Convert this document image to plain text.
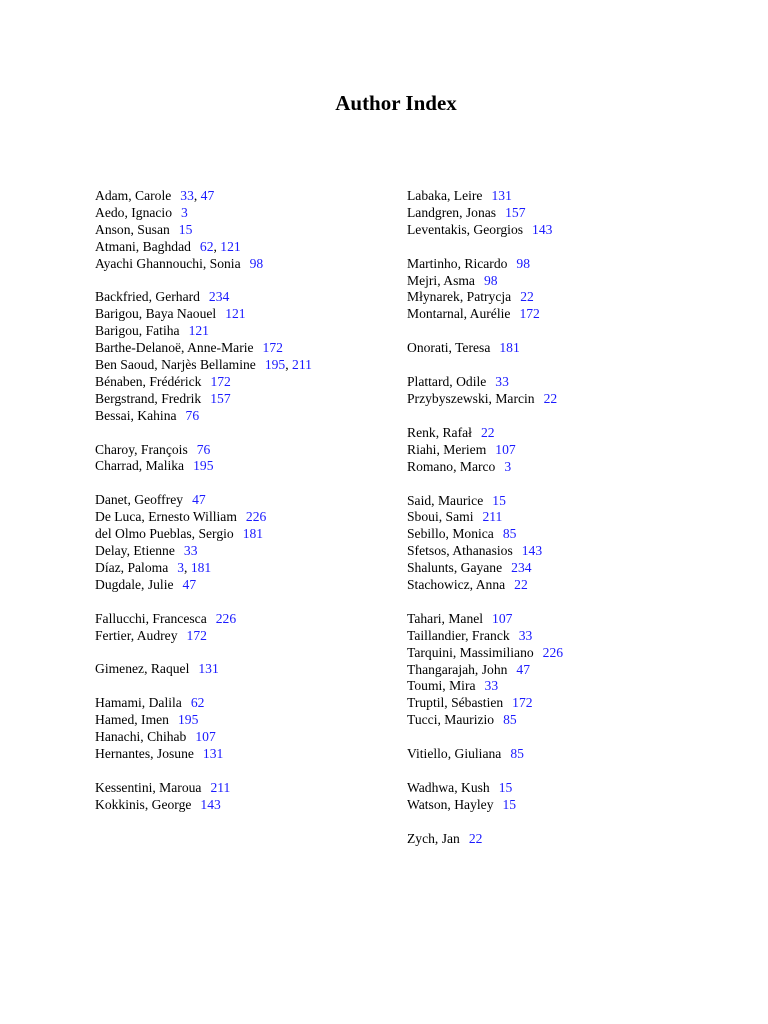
Author Index
Adam, Carole 33, 47
Aedo, Ignacio 3
Anson, Susan 15
Atmani, Baghdad 62, 121
Ayachi Ghannouchi, Sonia 98
Backfried, Gerhard 234
Barigou, Baya Naouel 121
Barigou, Fatiha 121
Barthe-Delanoë, Anne-Marie 172
Ben Saoud, Narjès Bellamine 195, 211
Bénaben, Frédérick 172
Bergstrand, Fredrik 157
Bessai, Kahina 76
Charoy, François 76
Charrad, Malika 195
Danet, Geoffrey 47
De Luca, Ernesto William 226
del Olmo Pueblas, Sergio 181
Delay, Etienne 33
Díaz, Paloma 3, 181
Dugdale, Julie 47
Fallucchi, Francesca 226
Fertier, Audrey 172
Gimenez, Raquel 131
Hamami, Dalila 62
Hamed, Imen 195
Hanachi, Chihab 107
Hernantes, Josune 131
Kessentini, Maroua 211
Kokkinis, George 143
Labaka, Leire 131
Landgren, Jonas 157
Leventakis, Georgios 143
Martinho, Ricardo 98
Mejri, Asma 98
Młynarek, Patrycja 22
Montarnal, Aurélie 172
Onorati, Teresa 181
Plattard, Odile 33
Przybyszewski, Marcin 22
Renk, Rafał 22
Riahi, Meriem 107
Romano, Marco 3
Said, Maurice 15
Sboui, Sami 211
Sebillo, Monica 85
Sfetsos, Athanasios 143
Shalunts, Gayane 234
Stachowicz, Anna 22
Tahari, Manel 107
Taillandier, Franck 33
Tarquini, Massimiliano 226
Thangarajah, John 47
Toumi, Mira 33
Truptil, Sébastien 172
Tucci, Maurizio 85
Vitiello, Giuliana 85
Wadhwa, Kush 15
Watson, Hayley 15
Zych, Jan 22
